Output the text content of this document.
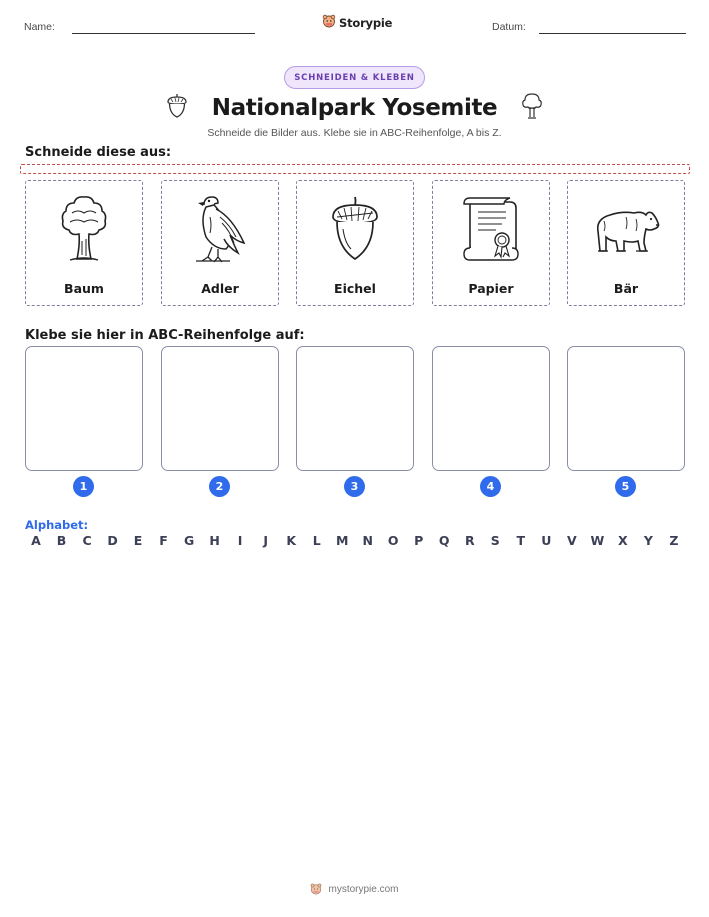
Name:	Storypie	Datum:
SCHNEIDEN & KLEBEN
Nationalpark Yosemite
Schneide die Bilder aus. Klebe sie in ABC-Reihenfolge, A bis Z.
Schneide diese aus:
Baum	Adler	Eichel	Papier	Bär
Klebe sie hier in ABC-Reihenfolge auf:
1	2	3	4	5
Alphabet:
A	B	C	D	E	F	G	H	I	J	K	L	M	N	O	P	Q	R	S	T	U	V	W	X	Y	Z
mystorypie.com
